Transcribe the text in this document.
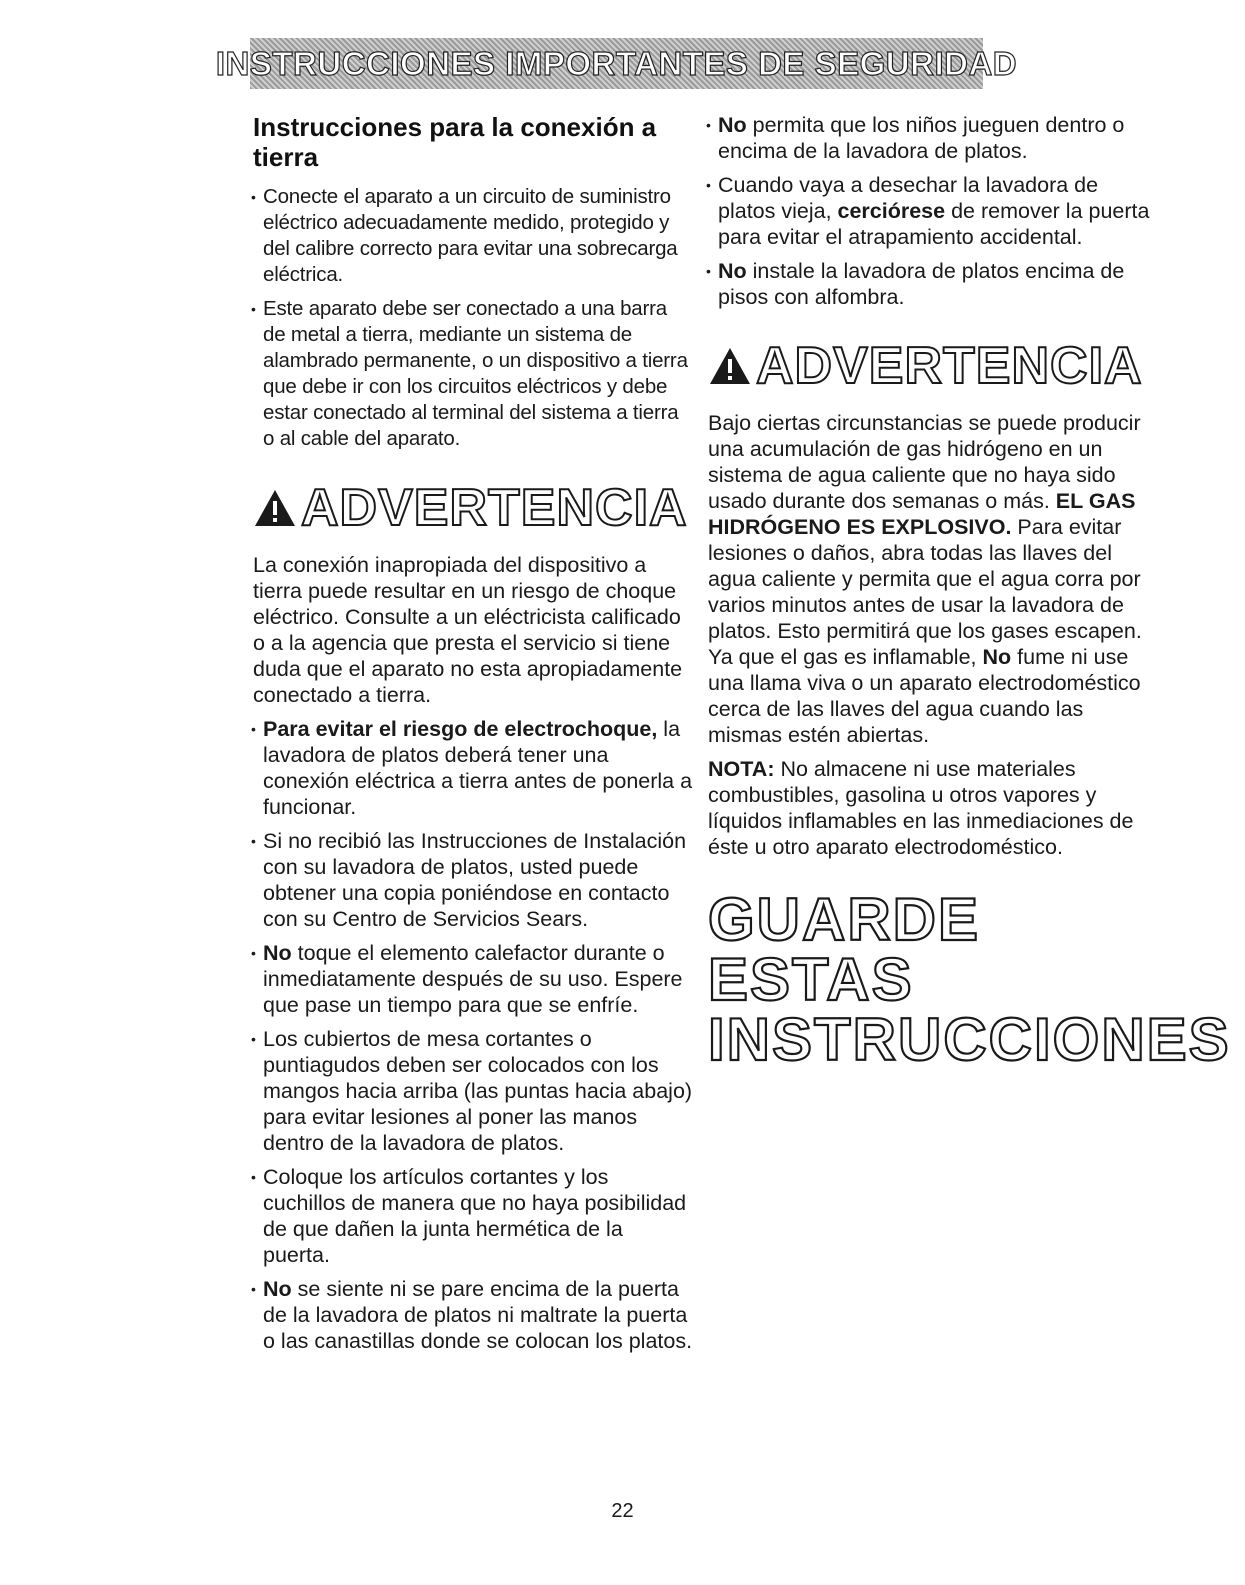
INSTRUCCIONES IMPORTANTES DE SEGURIDAD
Instrucciones para la conexión a tierra
• Conecte el aparato a un circuito de suministro eléctrico adecuadamente medido, protegido y del calibre correcto para evitar una sobrecarga eléctrica.
• Este aparato debe ser conectado a una barra de metal a tierra, mediante un sistema de alambrado permanente, o un dispositivo a tierra que debe ir con los circuitos eléctricos y debe estar conectado al terminal del sistema a tierra o al cable del aparato.
ADVERTENCIA

La conexión inapropiada del dispositivo a tierra puede resultar en un riesgo de choque eléctrico. Consulte a un eléctricista calificado o a la agencia que presta el servicio si tiene duda que el aparato no esta apropiadamente conectado a tierra.

• Para evitar el riesgo de electrochoque, la lavadora de platos deberá tener una conexión eléctrica a tierra antes de ponerla a funcionar.
• Si no recibió las Instrucciones de Instalación con su lavadora de platos, usted puede obtener una copia poniéndose en contacto con su Centro de Servicios Sears.
• No toque el elemento calefactor durante o inmediatamente después de su uso. Espere que pase un tiempo para que se enfríe.
• Los cubiertos de mesa cortantes o puntiagudos deben ser colocados con los mangos hacia arriba (las puntas hacia abajo) para evitar lesiones al poner las manos dentro de la lavadora de platos.
• Coloque los artículos cortantes y los cuchillos de manera que no haya posibilidad de que dañen la junta hermética de la puerta.
• No se siente ni se pare encima de la puerta de la lavadora de platos ni maltrate la puerta o las canastillas donde se colocan los platos.
• No permita que los niños jueguen dentro o encima de la lavadora de platos.
• Cuando vaya a desechar la lavadora de platos vieja, cerciórese de remover la puerta para evitar el atrapamiento accidental.
• No instale la lavadora de platos encima de pisos con alfombra.
ADVERTENCIA

Bajo ciertas circunstancias se puede producir una acumulación de gas hidrógeno en un sistema de agua caliente que no haya sido usado durante dos semanas o más. EL GAS HIDRÓGENO ES EXPLOSIVO. Para evitar lesiones o daños, abra todas las llaves del agua caliente y permita que el agua corra por varios minutos antes de usar la lavadora de platos. Esto permitirá que los gases escapen. Ya que el gas es inflamable, No fume ni use una llama viva o un aparato electrodoméstico cerca de las llaves del agua cuando las mismas estén abiertas.

NOTA: No almacene ni use materiales combustibles, gasolina u otros vapores y líquidos inflamables en las inmediaciones de éste u otro aparato electrodoméstico.

GUARDE ESTAS
INSTRUCCIONES
22
